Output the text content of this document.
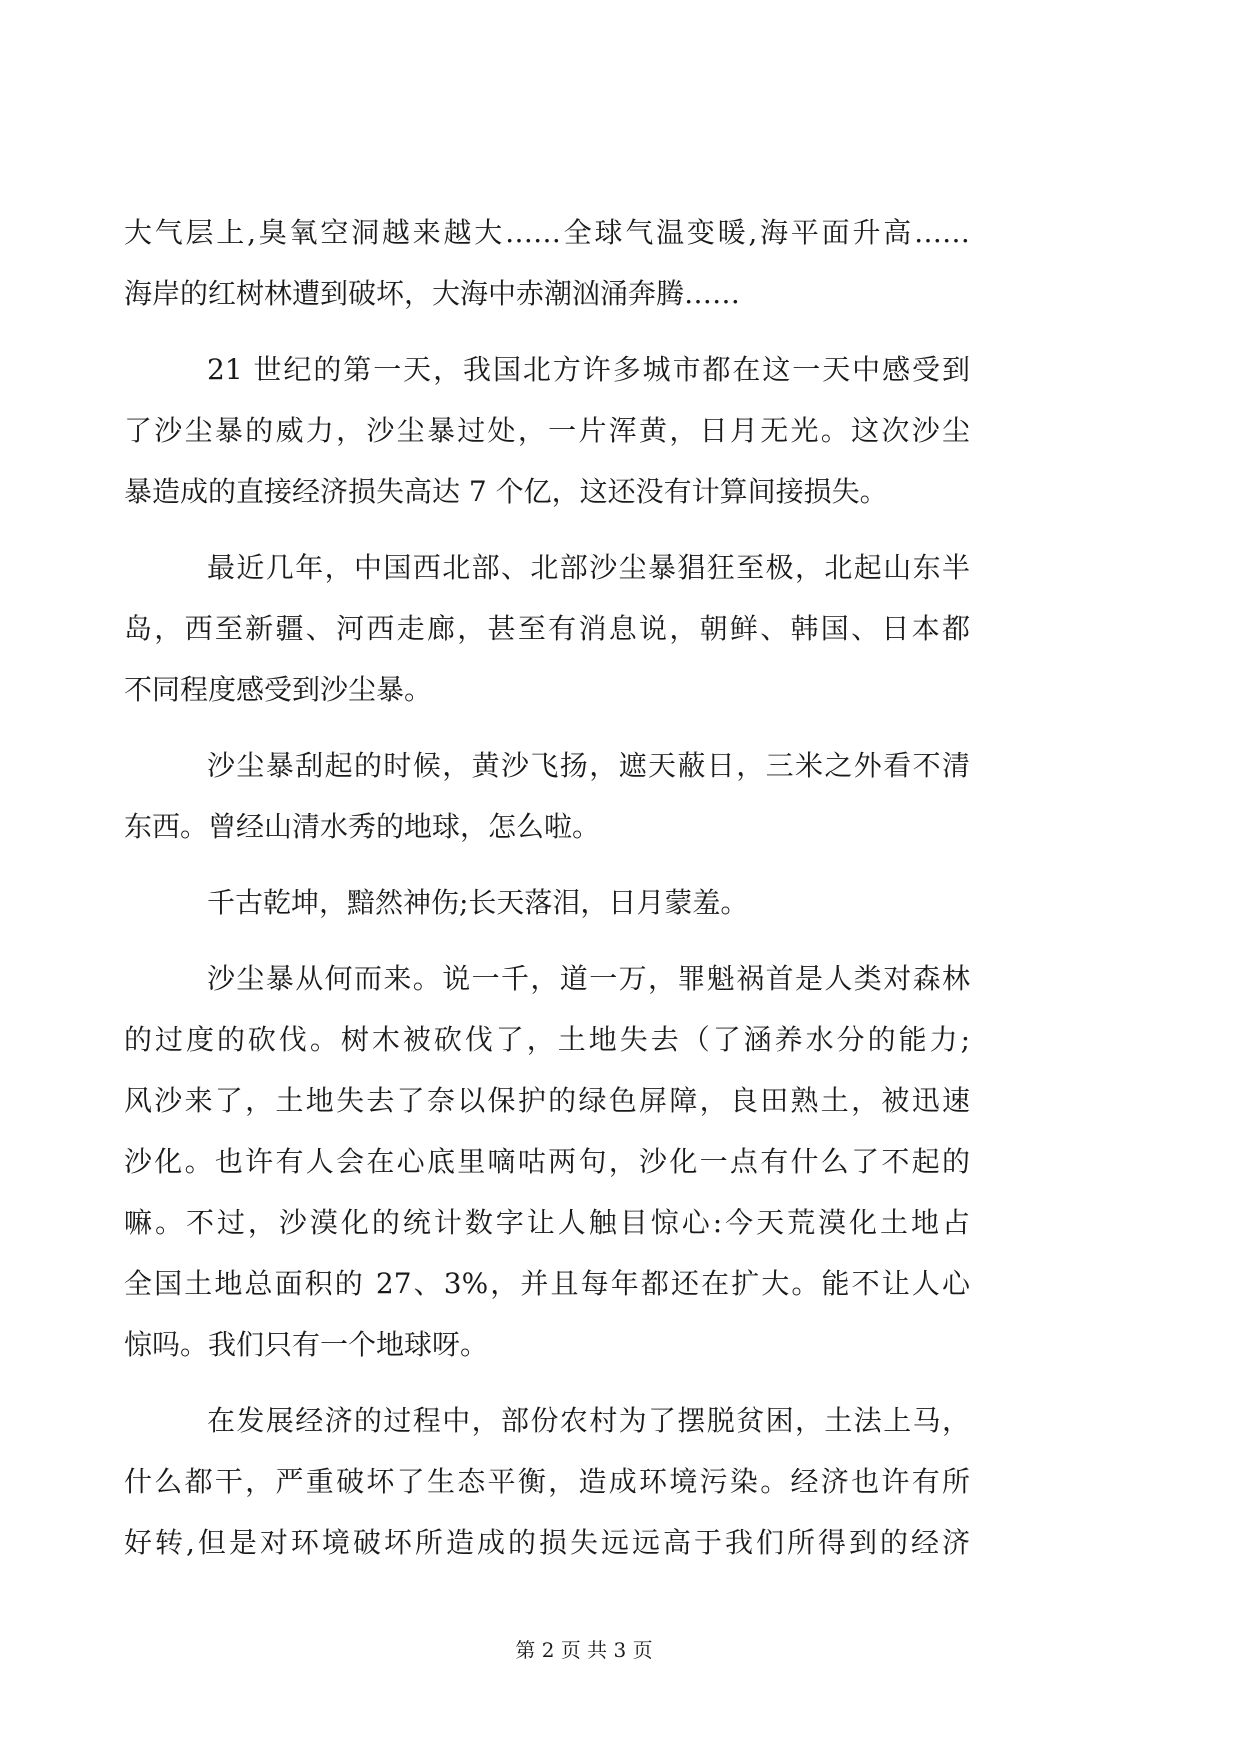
大气层上,臭氧空洞越来越大……全球气温变暖,海平面升高……
海岸的红树林遭到破坏，大海中赤潮汹涌奔腾……
21 世纪的第一天，我国北方许多城市都在这一天中感受到
了沙尘暴的威力，沙尘暴过处，一片浑黄，日月无光。这次沙尘
暴造成的直接经济损失高达 7 个亿，这还没有计算间接损失。
最近几年，中国西北部、北部沙尘暴猖狂至极，北起山东半
岛，西至新疆、河西走廊，甚至有消息说，朝鲜、韩国、日本都
不同程度感受到沙尘暴。
沙尘暴刮起的时候，黄沙飞扬，遮天蔽日，三米之外看不清
东西。曾经山清水秀的地球，怎么啦。
千古乾坤，黯然神伤;长天落泪，日月蒙羞。
沙尘暴从何而来。说一千，道一万，罪魁祸首是人类对森林
的过度的砍伐。树木被砍伐了，土地失去（了涵养水分的能力;
风沙来了，土地失去了奈以保护的绿色屏障，良田熟土，被迅速
沙化。也许有人会在心底里嘀咕两句，沙化一点有什么了不起的
嘛。不过，沙漠化的统计数字让人触目惊心:今天荒漠化土地占
全国土地总面积的 27、3%，并且每年都还在扩大。能不让人心
惊吗。我们只有一个地球呀。
在发展经济的过程中，部份农村为了摆脱贫困，土法上马，
什么都干，严重破坏了生态平衡，造成环境污染。经济也许有所
好转,但是对环境破坏所造成的损失远远高于我们所得到的经济
第 2 页 共 3 页
